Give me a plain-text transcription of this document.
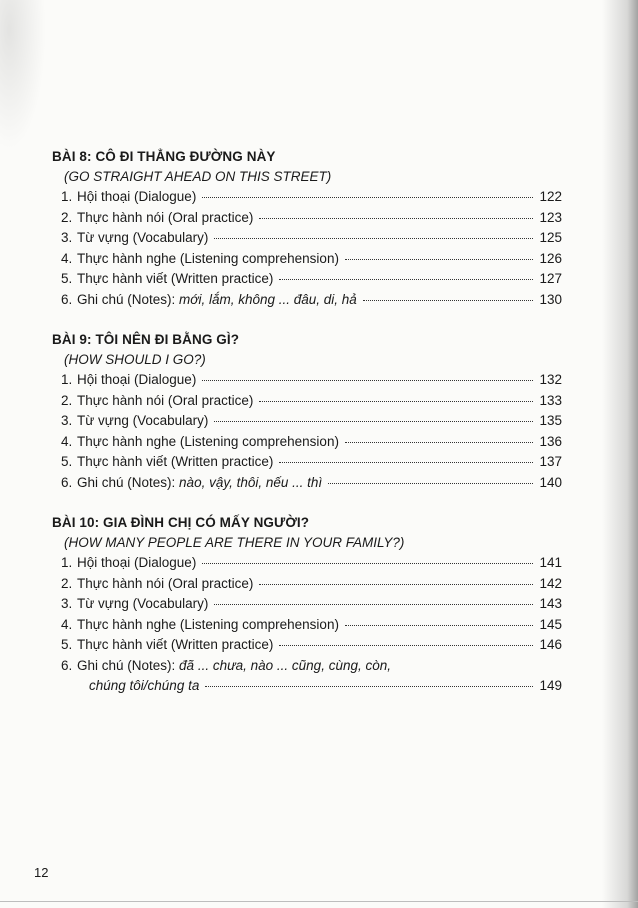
BÀI 8: CÔ ĐI THẲNG ĐƯỜNG NÀY
(GO STRAIGHT AHEAD ON THIS STREET)
1. Hội thoại (Dialogue)	122
2. Thực hành nói (Oral practice)	123
3. Từ vựng (Vocabulary)	125
4. Thực hành nghe (Listening comprehension)	126
5. Thực hành viết (Written practice)	127
6. Ghi chú (Notes): mới, lắm, không ... đâu, di, hả	130
BÀI 9: TÔI NÊN ĐI BẰNG GÌ?
(HOW SHOULD I GO?)
1. Hội thoại (Dialogue)	132
2. Thực hành nói (Oral practice)	133
3. Từ vựng (Vocabulary)	135
4. Thực hành nghe (Listening comprehension)	136
5. Thực hành viết (Written practice)	137
6. Ghi chú (Notes): nào, vậy, thôi, nếu ... thì	140
BÀI 10: GIA ĐÌNH CHỊ CÓ MẤY NGƯỜI?
(HOW MANY PEOPLE ARE THERE IN YOUR FAMILY?)
1. Hội thoại (Dialogue)	141
2. Thực hành nói (Oral practice)	142
3. Từ vựng (Vocabulary)	143
4. Thực hành nghe (Listening comprehension)	145
5. Thực hành viết (Written practice)	146
6. Ghi chú (Notes): đã ... chưa, nào ... cũng, cùng, còn,
chúng tôi/chúng ta	149
12
